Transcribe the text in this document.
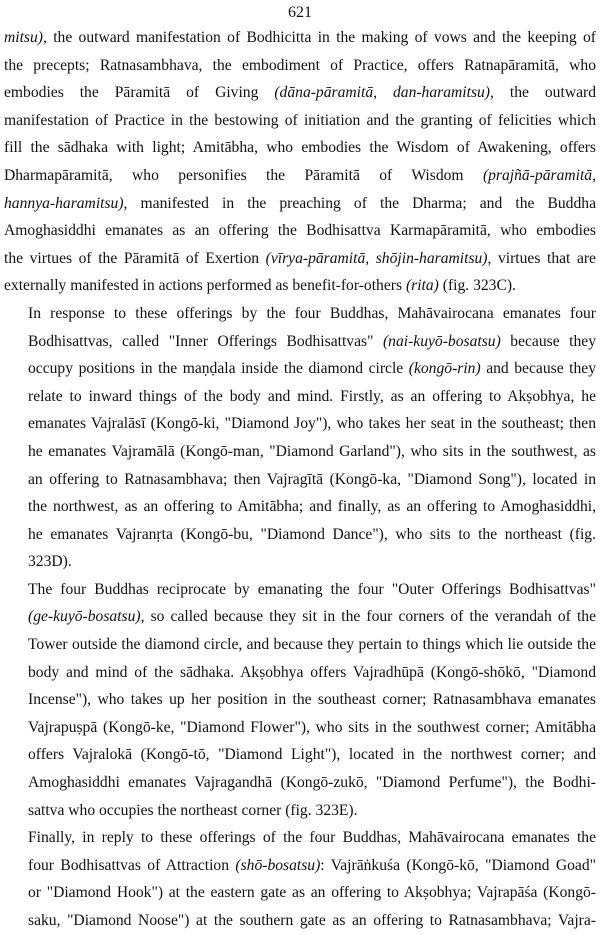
621

mitsu), the outward manifestation of Bodhicitta in the making of vows and the keeping of
the precepts; Ratnasambhava, the embodiment of Practice, offers Ratnapāramitā, who
embodies the Pāramitā of Giving (dāna-pāramitā, dan-haramitsu), the outward
manifestation of Practice in the bestowing of initiation and the granting of felicities which
fill the sādhaka with light; Amitābha, who embodies the Wisdom of Awakening, offers
Dharmapāramitā, who personifies the Pāramitā of Wisdom (prajñā-pāramitā,
hannya-haramitsu), manifested in the preaching of the Dharma; and the Buddha
Amoghasiddhi emanates as an offering the Bodhisattva Karmapāramitā, who embodies
the virtues of the Pāramitā of Exertion (vīrya-pāramitā, shōjin-haramitsu), virtues that are
externally manifested in actions performed as benefit-for-others (rita) (fig. 323C).
In response to these offerings by the four Buddhas, Mahāvairocana emanates four
Bodhisattvas, called "Inner Offerings Bodhisattvas" (nai-kuyō-bosatsu) because they
occupy positions in the maṇḍala inside the diamond circle (kongō-rin) and because they
relate to inward things of the body and mind. Firstly, as an offering to Akṣobhya, he
emanates Vajralāsī (Kongō-ki, "Diamond Joy"), who takes her seat in the southeast; then
he emanates Vajramālā (Kongō-man, "Diamond Garland"), who sits in the southwest, as
an offering to Ratnasambhava; then Vajragītā (Kongō-ka, "Diamond Song"), located in
the northwest, as an offering to Amitābha; and finally, as an offering to Amoghasiddhi,
he emanates Vajranṛta (Kongō-bu, "Diamond Dance"), who sits to the northeast (fig.
323D).
The four Buddhas reciprocate by emanating the four "Outer Offerings Bodhisattvas"
(ge-kuyō-bosatsu), so called because they sit in the four corners of the verandah of the
Tower outside the diamond circle, and because they pertain to things which lie outside the
body and mind of the sādhaka. Akṣobhya offers Vajradhūpā (Kongō-shōkō, "Diamond
Incense"), who takes up her position in the southeast corner; Ratnasambhava emanates
Vajrapuṣpā (Kongō-ke, "Diamond Flower"), who sits in the southwest corner; Amitābha
offers Vajralokā (Kongō-tō, "Diamond Light"), located in the northwest corner; and
Amoghasiddhi emanates Vajragandhā (Kongō-zukō, "Diamond Perfume"), the Bodhi-
sattva who occupies the northeast corner (fig. 323E).
Finally, in reply to these offerings of the four Buddhas, Mahāvairocana emanates the
four Bodhisattvas of Attraction (shō-bosatsu): Vajrāṅkuśa (Kongō-kō, "Diamond Goad"
or "Diamond Hook") at the eastern gate as an offering to Akṣobhya; Vajrapāśa (Kongō-
saku, "Diamond Noose") at the southern gate as an offering to Ratnasambhava; Vajra-
